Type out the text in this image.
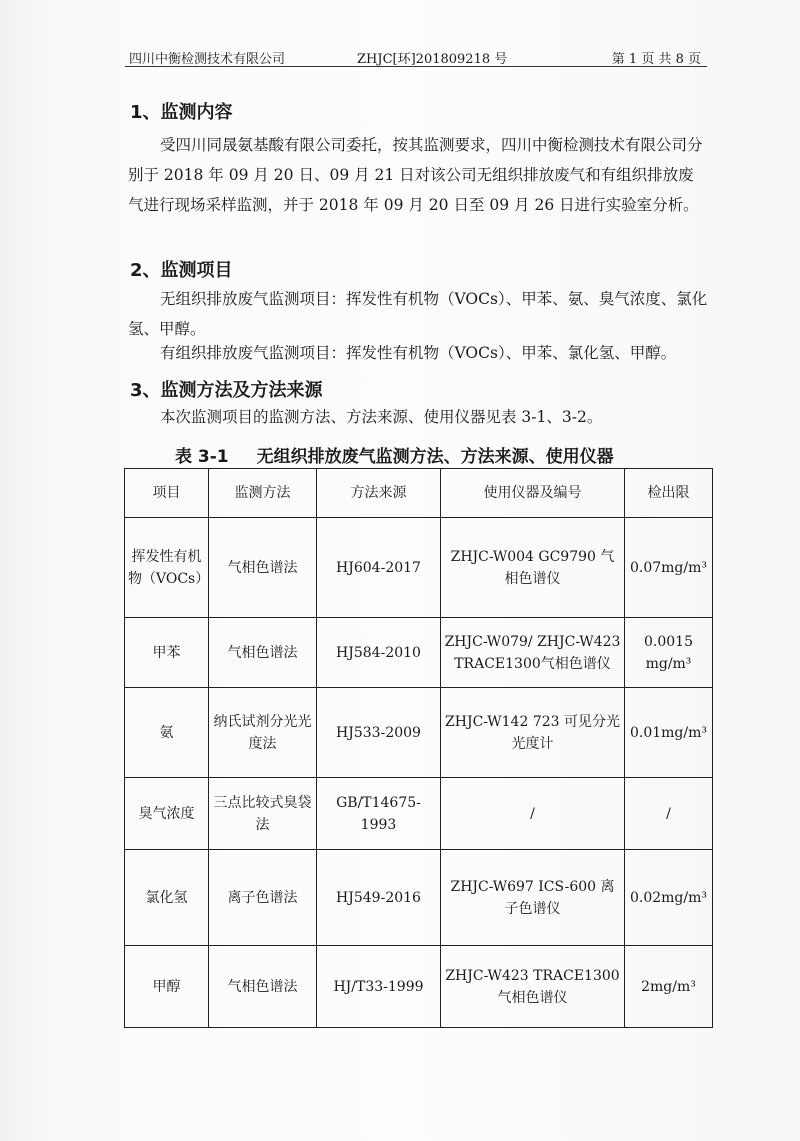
四川中衡检测技术有限公司	ZHJC[环]201809218 号	第 1 页 共 8 页
1、监测内容
受四川同晟氨基酸有限公司委托，按其监测要求，四川中衡检测技术有限公司分别于 2018 年 09 月 20 日、09 月 21 日对该公司无组织排放废气和有组织排放废气进行现场采样监测，并于 2018 年 09 月 20 日至 09 月 26 日进行实验室分析。
2、监测项目
无组织排放废气监测项目：挥发性有机物（VOCs）、甲苯、氨、臭气浓度、氯化氢、甲醇。
有组织排放废气监测项目：挥发性有机物（VOCs）、甲苯、氯化氢、甲醇。
3、监测方法及方法来源
本次监测项目的监测方法、方法来源、使用仪器见表 3-1、3-2。
表 3-1 无组织排放废气监测方法、方法来源、使用仪器
项目	监测方法	方法来源	使用仪器及编号	检出限
挥发性有机物（VOCs）	气相色谱法	HJ604-2017	ZHJC-W004 GC9790 气相色谱仪	0.07mg/m³
甲苯	气相色谱法	HJ584-2010	ZHJC-W079/ ZHJC-W423 TRACE1300气相色谱仪	0.0015 mg/m³
氨	纳氏试剂分光光度法	HJ533-2009	ZHJC-W142 723 可见分光光度计	0.01mg/m³
臭气浓度	三点比较式臭袋法	GB/T14675-1993	/	/
氯化氢	离子色谱法	HJ549-2016	ZHJC-W697 ICS-600 离子色谱仪	0.02mg/m³
甲醇	气相色谱法	HJ/T33-1999	ZHJC-W423 TRACE1300 气相色谱仪	2mg/m³
